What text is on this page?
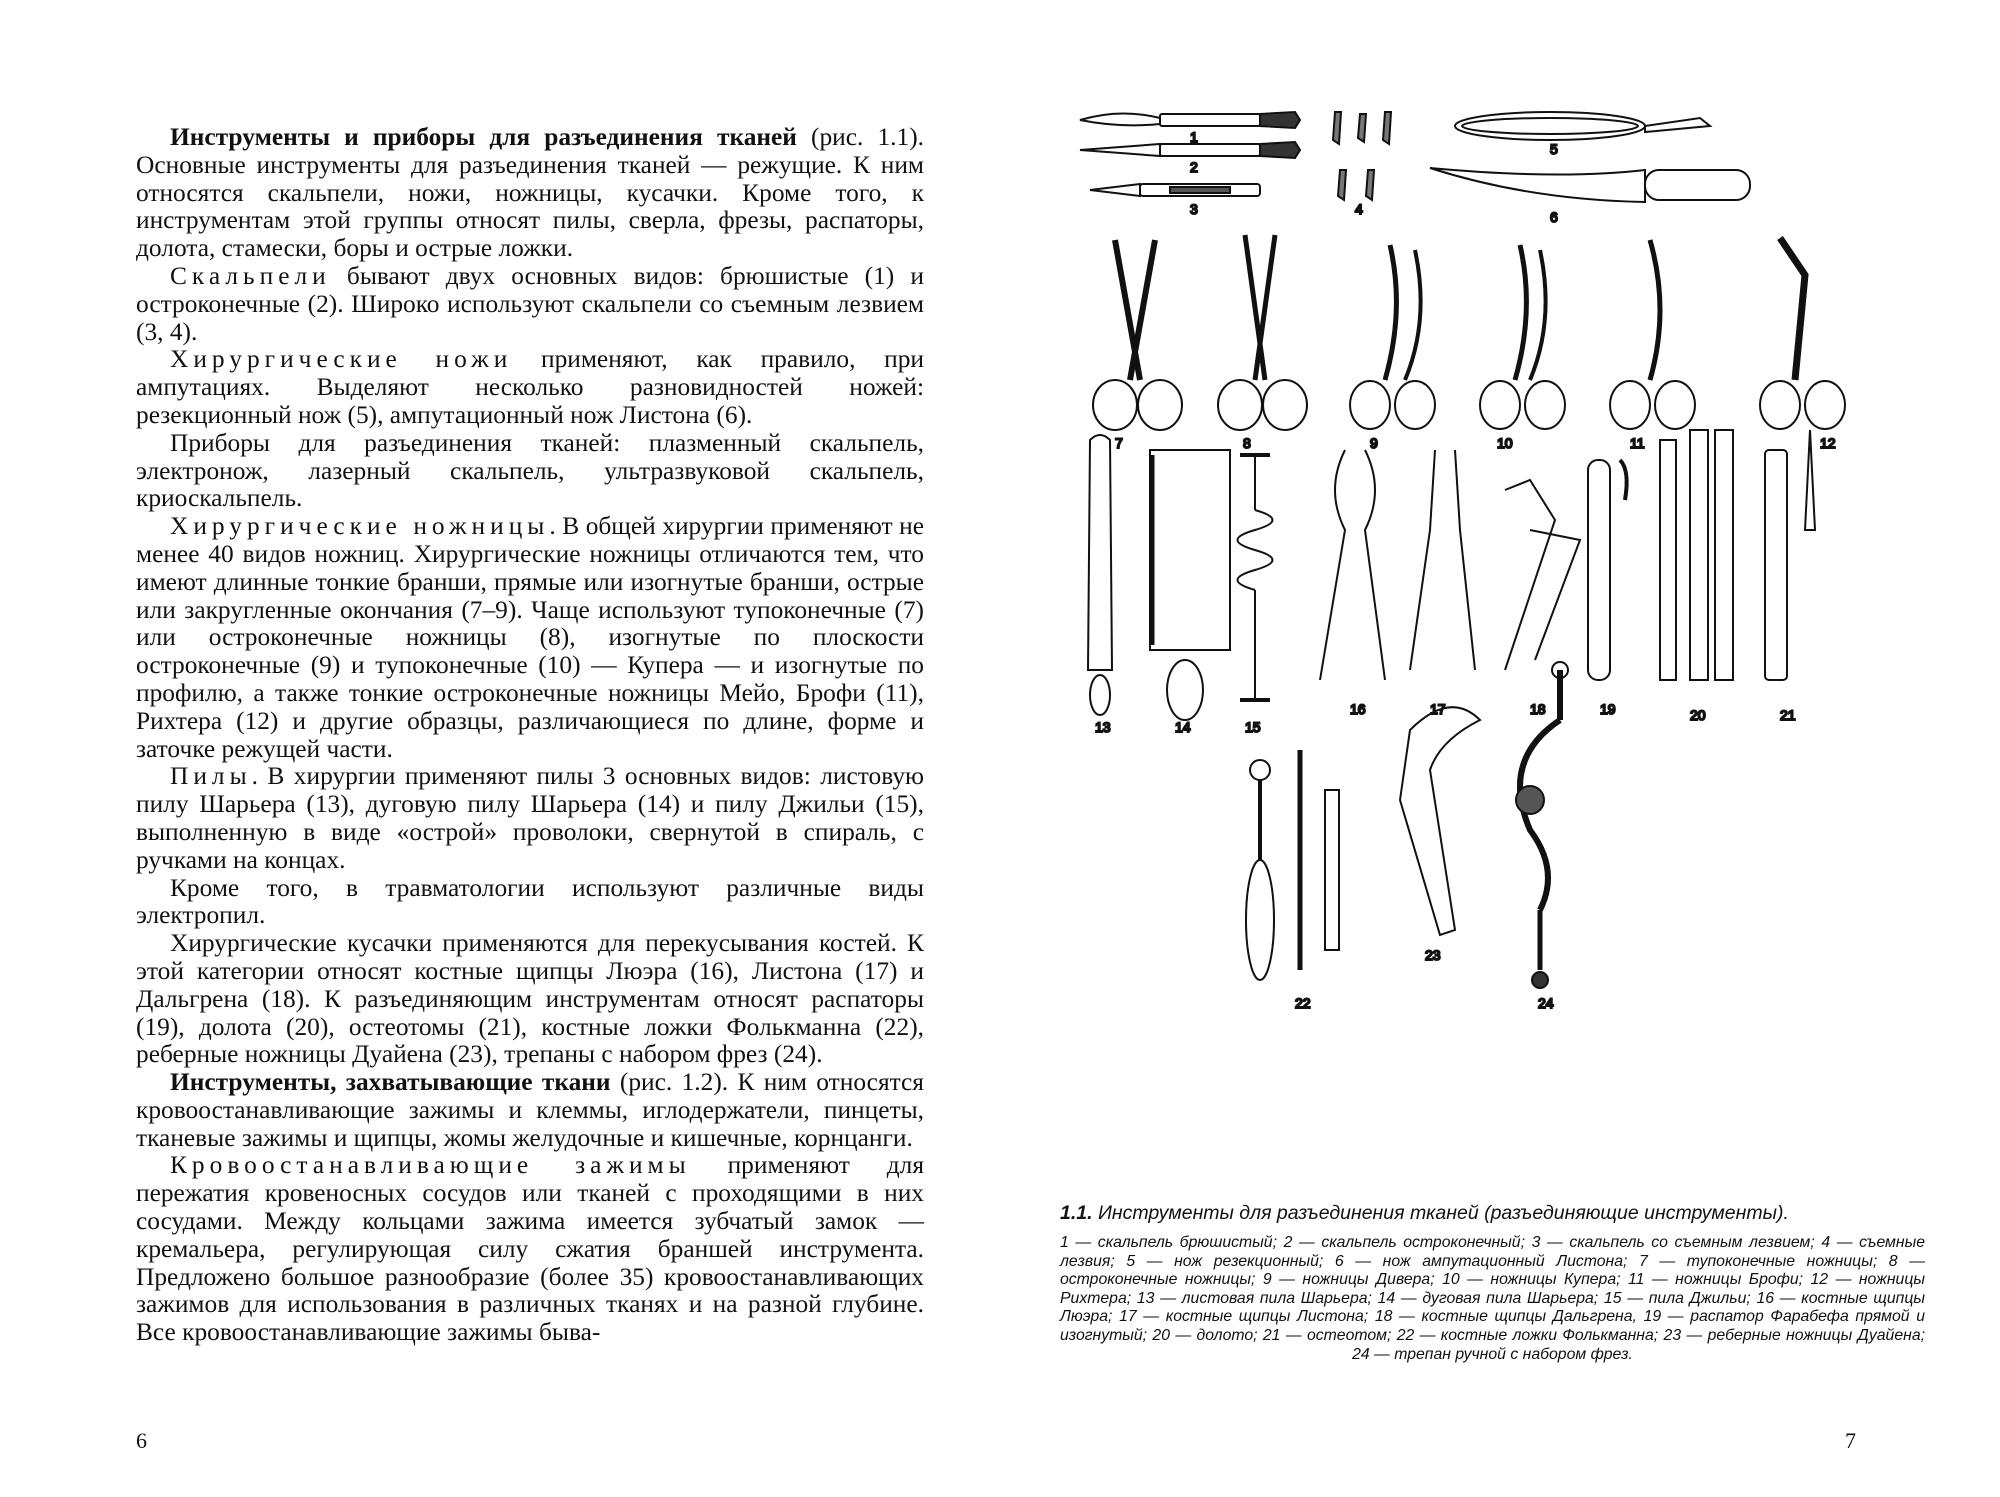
Инструменты и приборы для разъединения тканей (рис. 1.1). Основные инструменты для разъединения тканей — режущие. К ним относятся скальпели, ножи, ножницы, кусачки. Кроме того, к инструментам этой группы относят пилы, сверла, фрезы, распаторы, долота, стамески, боры и острые ложки.

Скальпели бывают двух основных видов: брюшистые (1) и остроконечные (2). Широко используют скальпели со съемным лезвием (3, 4).

Хирургические ножи применяют, как правило, при ампутациях. Выделяют несколько разновидностей ножей: резекционный нож (5), ампутационный нож Листона (6).

Приборы для разъединения тканей: плазменный скальпель, электронож, лазерный скальпель, ультразвуковой скальпель, криоскальпель.

Хирургические ножницы. В общей хирургии применяют не менее 40 видов ножниц. Хирургические ножницы отличаются тем, что имеют длинные тонкие бранши, прямые или изогнутые бранши, острые или закругленные окончания (7–9). Чаще используют тупоконечные (7) или остроконечные ножницы (8), изогнутые по плоскости остроконечные (9) и тупоконечные (10) — Купера — и изогнутые по профилю, а также тонкие остроконечные ножницы Мейо, Брофи (11), Рихтера (12) и другие образцы, различающиеся по длине, форме и заточке режущей части.

Пилы. В хирургии применяют пилы 3 основных видов: листовую пилу Шарьера (13), дуговую пилу Шарьера (14) и пилу Джильи (15), выполненную в виде «острой» проволоки, свернутой в спираль, с ручками на концах.

Кроме того, в травматологии используют различные виды электропил.

Хирургические кусачки применяются для перекусывания костей. К этой категории относят костные щипцы Люэра (16), Листона (17) и Дальгрена (18). К разъединяющим инструментам относят распаторы (19), долота (20), остеотомы (21), костные ложки Фолькманна (22), реберные ножницы Дуайена (23), трепаны с набором фрез (24).

Инструменты, захватывающие ткани (рис. 1.2). К ним относятся кровоостанавливающие зажимы и клеммы, иглодержатели, пинцеты, тканевые зажимы и щипцы, жомы желудочные и кишечные, корнцанги.

Кровоостанавливающие зажимы применяют для пережатия кровеносных сосудов или тканей с проходящими в них сосудами. Между кольцами зажима имеется зубчатый замок — кремальера, регулирующая силу сжатия браншей инструмента. Предложено большое разнообразие (более 35) кровоостанавливающих зажимов для использования в различных тканях и на разной глубине. Все кровоостанавливающие зажимы быва-

6
1
2
3	4
5
6
7	8	9	10	11	12
13	14	15
16	17	18	19	20	21
22
23
24

1.1. Инструменты для разъединения тканей (разъединяющие инструменты).

1 — скальпель брюшистый; 2 — скальпель остроконечный; 3 — скальпель со съемным лезвием; 4 — съемные лезвия; 5 — нож резекционный; 6 — нож ампутационный Листона; 7 — тупоконечные ножницы; 8 — остроконечные ножницы; 9 — ножницы Дивера; 10 — ножницы Купера; 11 — ножницы Брофи; 12 — ножницы Рихтера; 13 — листовая пила Шарьера; 14 — дуговая пила Шарьера; 15 — пила Джильи; 16 — костные щипцы Люэра; 17 — костные щипцы Листона; 18 — костные щипцы Дальгрена, 19 — распатор Фарабефа прямой и изогнутый; 20 — долото; 21 — остеотом; 22 — костные ложки Фолькманна; 23 — реберные ножницы Дуайена; 24 — трепан ручной с набором фрез.

7
